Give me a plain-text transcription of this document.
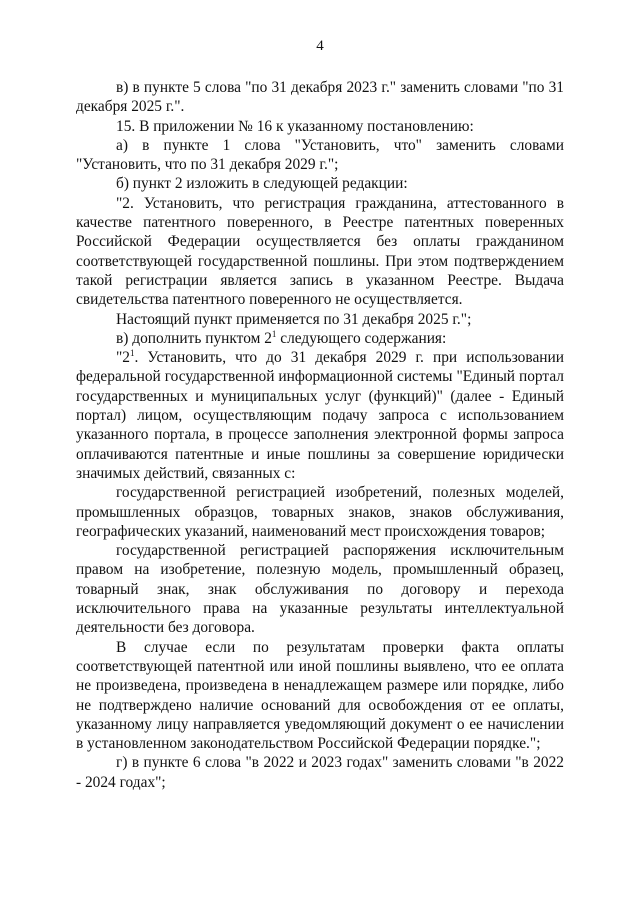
4

в) в пункте 5 слова "по 31 декабря 2023 г." заменить словами "по 31 декабря 2025 г.".

15. В приложении № 16 к указанному постановлению:

а) в пункте 1 слова "Установить, что" заменить словами "Установить, что по 31 декабря 2029 г.";

б) пункт 2 изложить в следующей редакции:

"2. Установить, что регистрация гражданина, аттестованного в качестве патентного поверенного, в Реестре патентных поверенных Российской Федерации осуществляется без оплаты гражданином соответствующей государственной пошлины. При этом подтверждением такой регистрации является запись в указанном Реестре. Выдача свидетельства патентного поверенного не осуществляется.

Настоящий пункт применяется по 31 декабря 2025 г.";

в) дополнить пунктом $2^1$ следующего содержания:

"$2^1$. Установить, что до 31 декабря 2029 г. при использовании федеральной государственной информационной системы "Единый портал государственных и муниципальных услуг (функций)" (далее - Единый портал) лицом, осуществляющим подачу запроса с использованием указанного портала, в процессе заполнения электронной формы запроса оплачиваются патентные и иные пошлины за совершение юридически значимых действий, связанных с:

государственной регистрацией изобретений, полезных моделей, промышленных образцов, товарных знаков, знаков обслуживания, географических указаний, наименований мест происхождения товаров;

государственной регистрацией распоряжения исключительным правом на изобретение, полезную модель, промышленный образец, товарный знак, знак обслуживания по договору и перехода исключительного права на указанные результаты интеллектуальной деятельности без договора.

В случае если по результатам проверки факта оплаты соответствующей патентной или иной пошлины выявлено, что ее оплата не произведена, произведена в ненадлежащем размере или порядке, либо не подтверждено наличие оснований для освобождения от ее оплаты, указанному лицу направляется уведомляющий документ о ее начислении в установленном законодательством Российской Федерации порядке.";

г) в пункте 6 слова "в 2022 и 2023 годах" заменить словами "в 2022 - 2024 годах";
